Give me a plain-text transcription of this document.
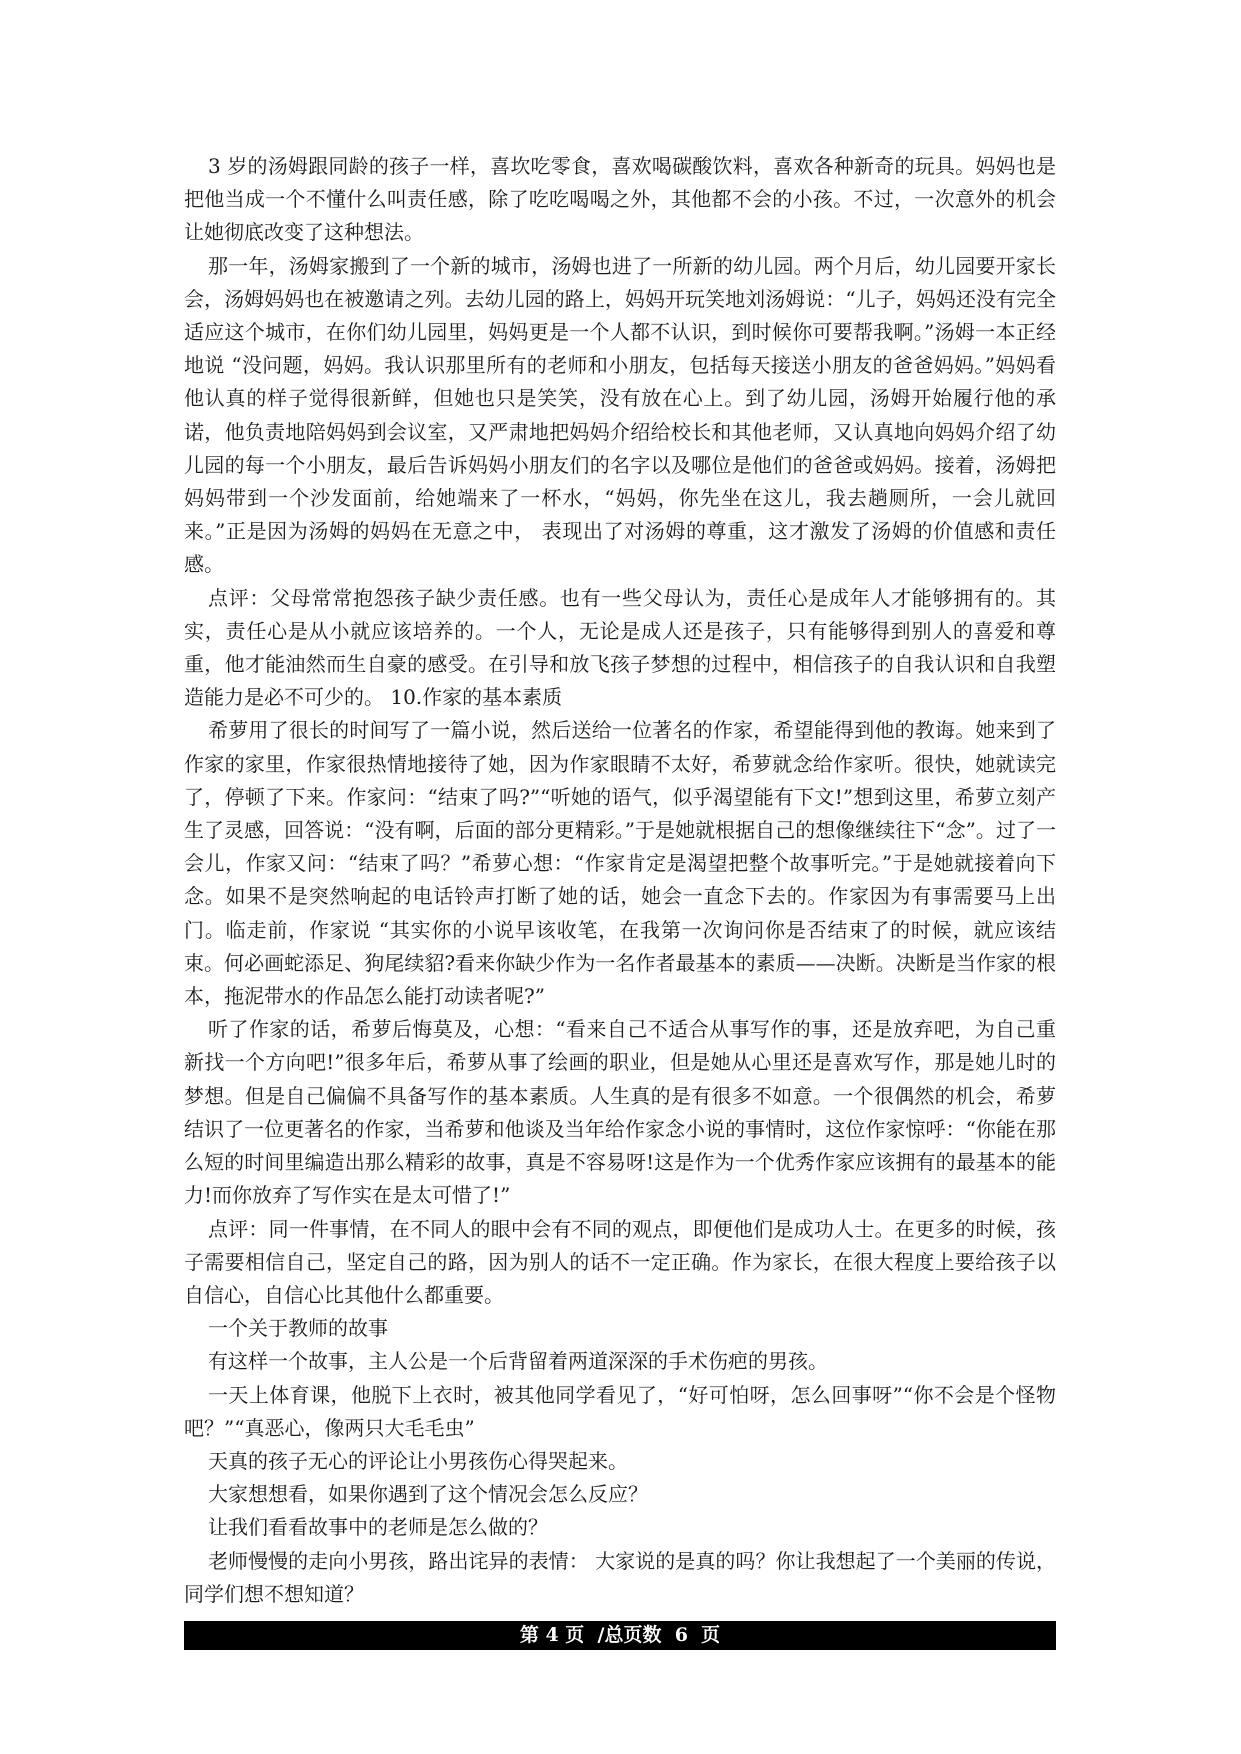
3 岁的汤姆跟同龄的孩子一样，喜坎吃零食，喜欢喝碳酸饮料，喜欢各种新奇的玩具。妈妈也是把他当成一个不懂什么叫责任感，除了吃吃喝喝之外，其他都不会的小孩。不过，一次意外的机会让她彻底改变了这种想法。

那一年，汤姆家搬到了一个新的城市，汤姆也进了一所新的幼儿园。两个月后，幼儿园要开家长会，汤姆妈妈也在被邀请之列。去幼儿园的路上，妈妈开玩笑地刘汤姆说：“儿子，妈妈还没有完全适应这个城市，在你们幼儿园里，妈妈更是一个人都不认识，到时候你可要帮我啊。”汤姆一本正经地说 “没问题，妈妈。我认识那里所有的老师和小朋友，包括每天接送小朋友的爸爸妈妈。”妈妈看他认真的样子觉得很新鲜，但她也只是笑笑，没有放在心上。到了幼儿园，汤姆开始履行他的承诺，他负责地陪妈妈到会议室，又严肃地把妈妈介绍给校长和其他老师，又认真地向妈妈介绍了幼儿园的每一个小朋友，最后告诉妈妈小朋友们的名字以及哪位是他们的爸爸或妈妈。接着，汤姆把妈妈带到一个沙发面前，给她端来了一杯水，“妈妈，你先坐在这儿，我去趟厕所，一会儿就回来。”正是因为汤姆的妈妈在无意之中， 表现出了对汤姆的尊重，这才激发了汤姆的价值感和责任感。

点评：父母常常抱怨孩子缺少责任感。也有一些父母认为，责任心是成年人才能够拥有的。其实，责任心是从小就应该培养的。一个人，无论是成人还是孩子，只有能够得到别人的喜爱和尊重，他才能油然而生自豪的感受。在引导和放飞孩子梦想的过程中，相信孩子的自我认识和自我塑造能力是必不可少的。 10.作家的基本素质

希萝用了很长的时间写了一篇小说，然后送给一位著名的作家，希望能得到他的教诲。她来到了作家的家里，作家很热情地接待了她，因为作家眼睛不太好，希萝就念给作家听。很快，她就读完了，停顿了下来。作家问：“结束了吗?”“听她的语气，似乎渴望能有下文!”想到这里，希萝立刻产生了灵感，回答说：“没有啊，后面的部分更精彩。”于是她就根据自己的想像继续往下“念”。过了一会儿，作家又问：“结束了吗？”希萝心想：“作家肯定是渴望把整个故事听完。”于是她就接着向下念。如果不是突然响起的电话铃声打断了她的话，她会一直念下去的。作家因为有事需要马上出门。临走前，作家说 “其实你的小说早该收笔，在我第一次询问你是否结束了的时候，就应该结束。何必画蛇添足、狗尾续貂?看来你缺少作为一名作者最基本的素质——决断。决断是当作家的根本，拖泥带水的作品怎么能打动读者呢?”

听了作家的话，希萝后悔莫及，心想：“看来自己不适合从事写作的事，还是放弃吧，为自己重新找一个方向吧!”很多年后，希萝从事了绘画的职业，但是她从心里还是喜欢写作，那是她儿时的梦想。但是自己偏偏不具备写作的基本素质。人生真的是有很多不如意。一个很偶然的机会，希萝结识了一位更著名的作家，当希萝和他谈及当年给作家念小说的事情时，这位作家惊呼：“你能在那么短的时间里编造出那么精彩的故事，真是不容易呀!这是作为一个优秀作家应该拥有的最基本的能力!而你放弃了写作实在是太可惜了!”

点评：同一件事情，在不同人的眼中会有不同的观点，即便他们是成功人士。在更多的时候，孩子需要相信自己，坚定自己的路，因为别人的话不一定正确。作为家长，在很大程度上要给孩子以自信心，自信心比其他什么都重要。

一个关于教师的故事

有这样一个故事，主人公是一个后背留着两道深深的手术伤疤的男孩。

一天上体育课，他脱下上衣时，被其他同学看见了，“好可怕呀，怎么回事呀”“你不会是个怪物吧？”“真恶心，像两只大毛毛虫”

天真的孩子无心的评论让小男孩伤心得哭起来。

大家想想看，如果你遇到了这个情况会怎么反应？

让我们看看故事中的老师是怎么做的？

老师慢慢的走向小男孩，路出诧异的表情： 大家说的是真的吗？你让我想起了一个美丽的传说，同学们想不想知道？

第 4 页  /总页数  6  页
